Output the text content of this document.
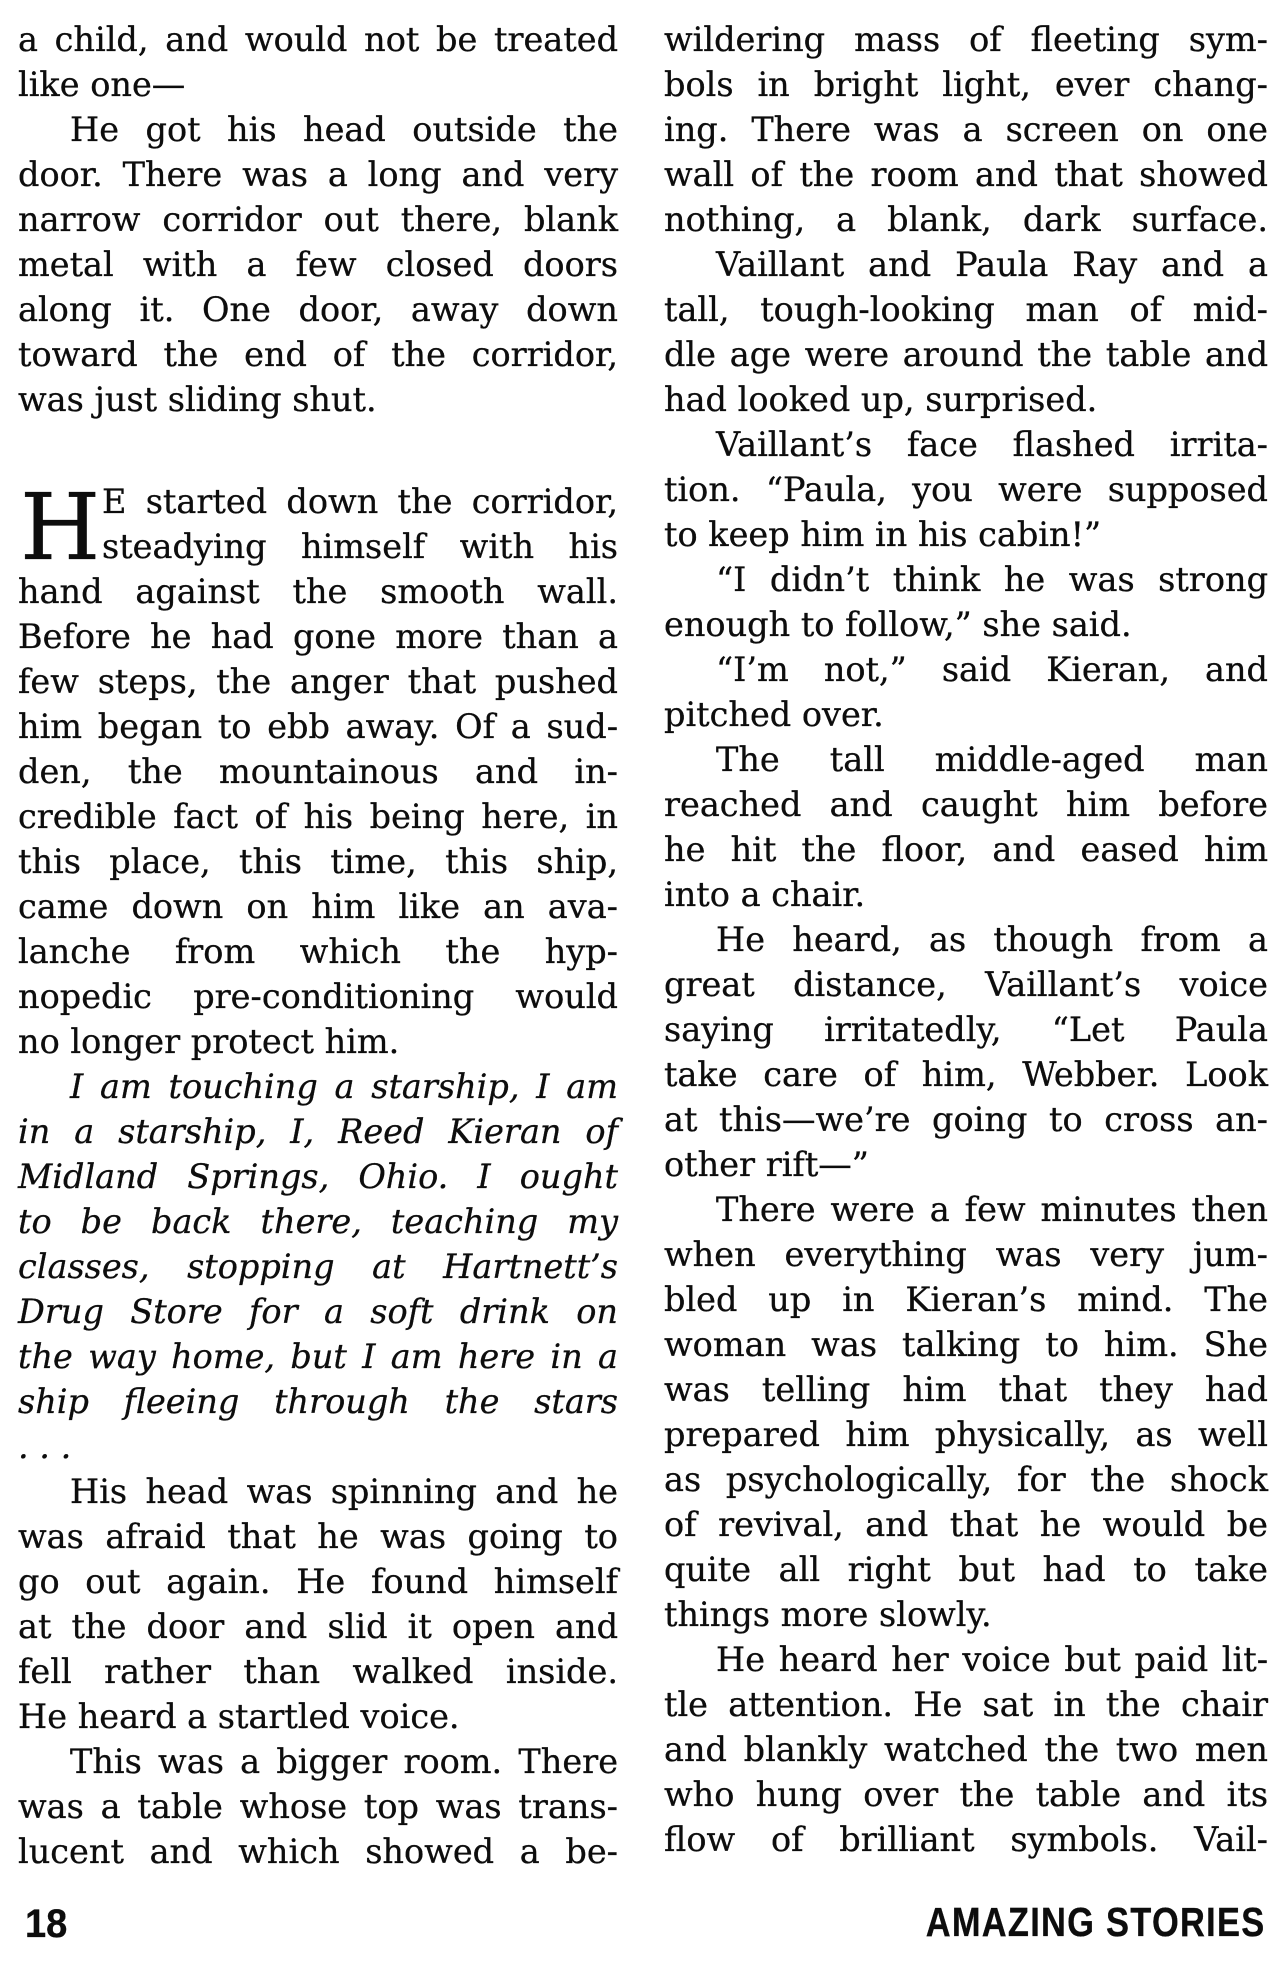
a child, and would not be treated
like one—
He got his head outside the
door. There was a long and very
narrow corridor out there, blank
metal with a few closed doors
along it. One door, away down
toward the end of the corridor,
was just sliding shut.
H E started down the corridor,
steadying himself with his
hand against the smooth wall.
Before he had gone more than a
few steps, the anger that pushed
him began to ebb away. Of a sud-
den, the mountainous and in-
credible fact of his being here, in
this place, this time, this ship,
came down on him like an ava-
lanche from which the hyp-
nopedic pre-conditioning would
no longer protect him.
I am touching a starship, I am
in a starship, I, Reed Kieran of
Midland Springs, Ohio. I ought
to be back there, teaching my
classes, stopping at Hartnett’s
Drug Store for a soft drink on
the way home, but I am here in a
ship fleeing through the stars
. . .
His head was spinning and he
was afraid that he was going to
go out again. He found himself
at the door and slid it open and
fell rather than walked inside.
He heard a startled voice.
This was a bigger room. There
was a table whose top was trans-
lucent and which showed a be-
wildering mass of fleeting sym-
bols in bright light, ever chang-
ing. There was a screen on one
wall of the room and that showed
nothing, a blank, dark surface.
Vaillant and Paula Ray and a
tall, tough-looking man of mid-
dle age were around the table and
had looked up, surprised.
Vaillant’s face flashed irrita-
tion. “Paula, you were supposed
to keep him in his cabin!”
“I didn’t think he was strong
enough to follow,” she said.
“I’m not,” said Kieran, and
pitched over.
The tall middle-aged man
reached and caught him before
he hit the floor, and eased him
into a chair.
He heard, as though from a
great distance, Vaillant’s voice
saying irritatedly, “Let Paula
take care of him, Webber. Look
at this—we’re going to cross an-
other rift—”
There were a few minutes then
when everything was very jum-
bled up in Kieran’s mind. The
woman was talking to him. She
was telling him that they had
prepared him physically, as well
as psychologically, for the shock
of revival, and that he would be
quite all right but had to take
things more slowly.
He heard her voice but paid lit-
tle attention. He sat in the chair
and blankly watched the two men
who hung over the table and its
flow of brilliant symbols. Vail-
18	AMAZING STORIES
